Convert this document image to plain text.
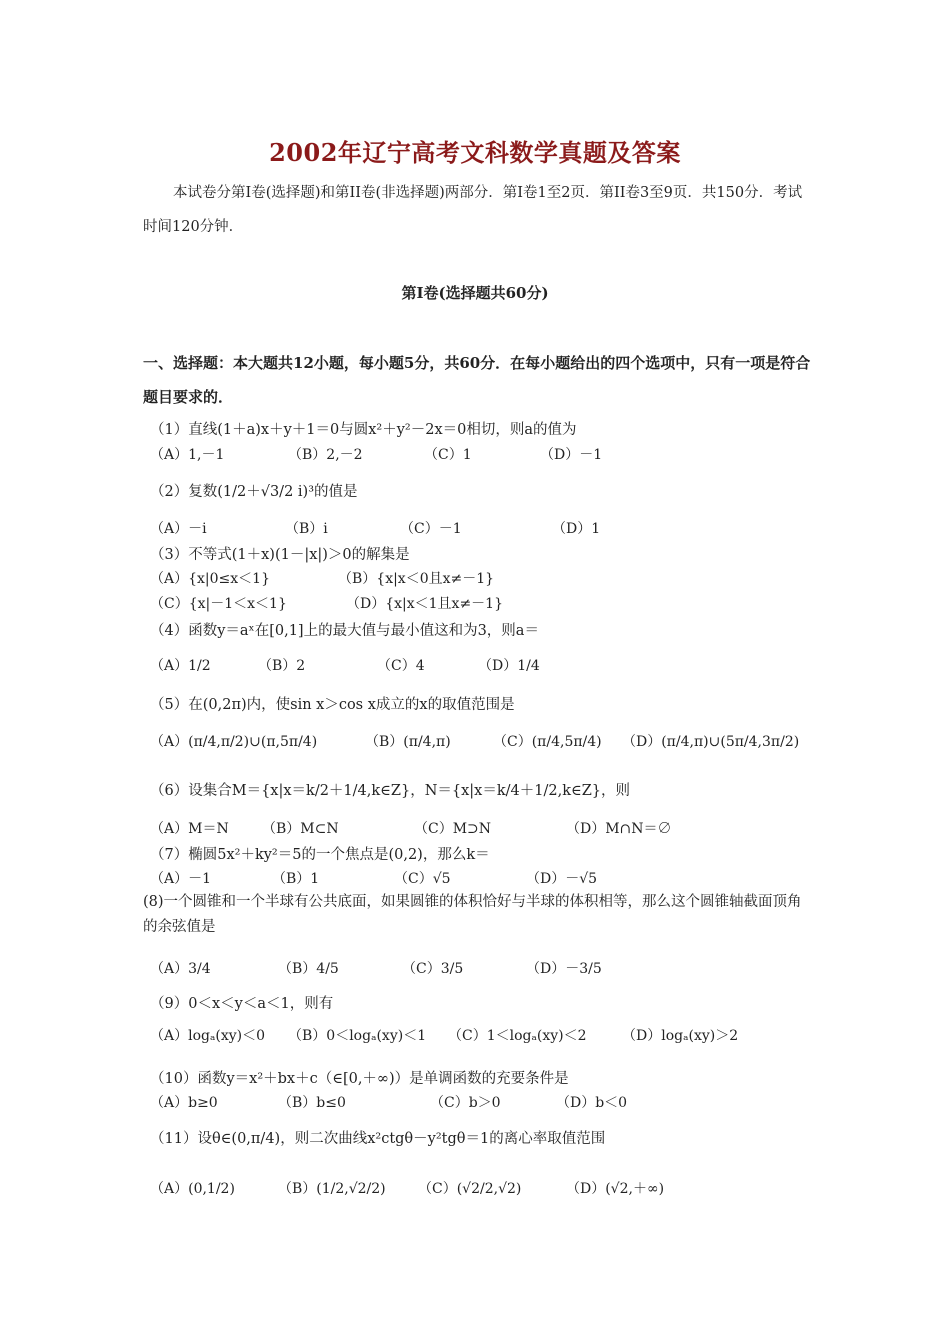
2002年辽宁高考文科数学真题及答案
本试卷分第Ⅰ卷(选择题)和第II卷(非选择题)两部分．第Ⅰ卷1至2页．第II卷3至9页．共150分．考试时间120分钟．
第Ⅰ卷(选择题共60分)
一、选择题：本大题共12小题，每小题5分，共60分．在每小题给出的四个选项中，只有一项是符合题目要求的．
（1）直线(1＋a)x＋y＋1＝0与圆x²＋y²－2x＝0相切，则a的值为
（A）1,－1	（B）2,－2	（C）1	（D）－1
（2）复数(1/2＋√3/2 i)³的值是
（A）－i	（B）i	（C）－1	（D）1
（3）不等式(1＋x)(1－|x|)＞0的解集是
（A）{x|0≤x＜1}	（B）{x|x＜0且x≠－1}
（C）{x|－1＜x＜1}	（D）{x|x＜1且x≠－1}
（4）函数y＝aˣ在[0,1]上的最大值与最小值这和为3，则a＝
（A）1/2	（B）2	（C）4	（D）1/4
（5）在(0,2π)内，使sin x＞cos x成立的x的取值范围是
（A）(π/4,π/2)∪(π,5π/4)	（B）(π/4,π)	（C）(π/4,5π/4) （D）(π/4,π)∪(5π/4,3π/2)
（6）设集合M＝{x|x＝k/2＋1/4,k∈Z}，N＝{x|x＝k/4＋1/2,k∈Z}，则
（A）M＝N （B）M⊂N	（C）M⊃N	（D）M∩N＝∅
（7）椭圆5x²＋ky²＝5的一个焦点是(0,2)，那么k＝
（A）－1	（B）1	（C）√5	（D）－√5
(8)一个圆锥和一个半球有公共底面，如果圆锥的体积恰好与半球的体积相等，那么这个圆锥轴截面顶角的余弦值是
（A）3/4	（B）4/5	（C）3/5	（D）－3/5
（9）0＜x＜y＜a＜1，则有
（A）logₐ(xy)＜0 （B）0＜logₐ(xy)＜1 （C）1＜logₐ(xy)＜2	（D）logₐ(xy)＞2
（10）函数y＝x²＋bx＋c（∈[0,＋∞)）是单调函数的充要条件是
（A）b≥0	（B）b≤0	（C）b＞0	（D）b＜0
（11）设θ∈(0,π/4)，则二次曲线x²ctgθ－y²tgθ＝1的离心率取值范围
（A）(0,1/2)	（B）(1/2,√2/2) （C）(√2/2,√2)	（D）(√2,＋∞)
